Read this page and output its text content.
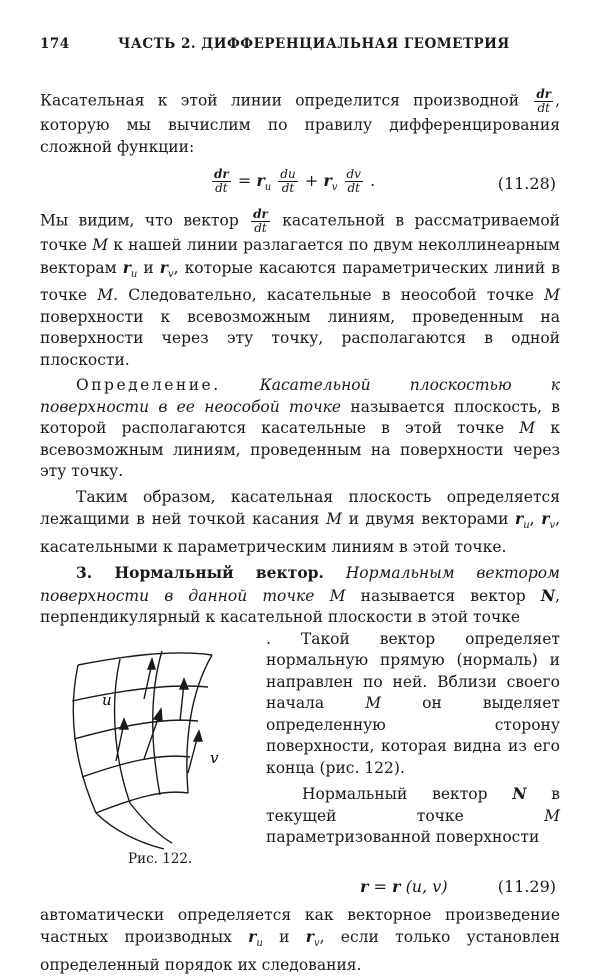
174	ЧАСТЬ 2. ДИФФЕРЕНЦИАЛЬНАЯ ГЕОМЕТРИЯ

Касательная к этой линии определится производной $\frac{dr}{dt}$ , которую мы вычислим по правилу дифференцирования сложной функции:

$\frac{dr}{dt} = r_u \frac{du}{dt} + r_v \frac{dv}{dt}$ .	(11.28)

Мы видим, что вектор $\frac{dr}{dt}$ касательной в рассматриваемой точке M к нашей линии разлагается по двум неколлинеарным векторам $r_u$ и $r_v$, которые касаются параметрических линий в точке M. Следовательно, касательные в неособой точке M поверхности к всевозможным линиям, проведенным на поверхности через эту точку, располагаются в одной плоскости.

Определение.	Касательной плоскостью к поверхности в ее неособой точке называется плоскость, в которой располагаются касательные в этой точке M к всевозможным линиям, проведенным на поверхности через эту точку.

Таким образом, касательная плоскость определяется лежащими в ней точкой касания M и двумя векторами $r_u$, $r_v$, касательными к параметрическим линиям в этой точке.

3. Нормальный вектор. Нормальным вектором поверхности в данной точке M называется вектор N, перпендикулярный к касательной плоскости в этой точке

u
v
Рис. 122.

. Такой вектор определяет нормальную прямую (нормаль) и направлен по ней. Вблизи своего начала	M	он выделяет определенную сторону поверхности, которая видна из его конца (рис. 122).

Нормальный вектор N в текущей точке	M параметризованной поверхности

r = r (u, v)	(11.29)

автоматически определяется как векторное произведение частных производных $r_u$ и $r_v$, если только установлен определенный порядок их следования.
